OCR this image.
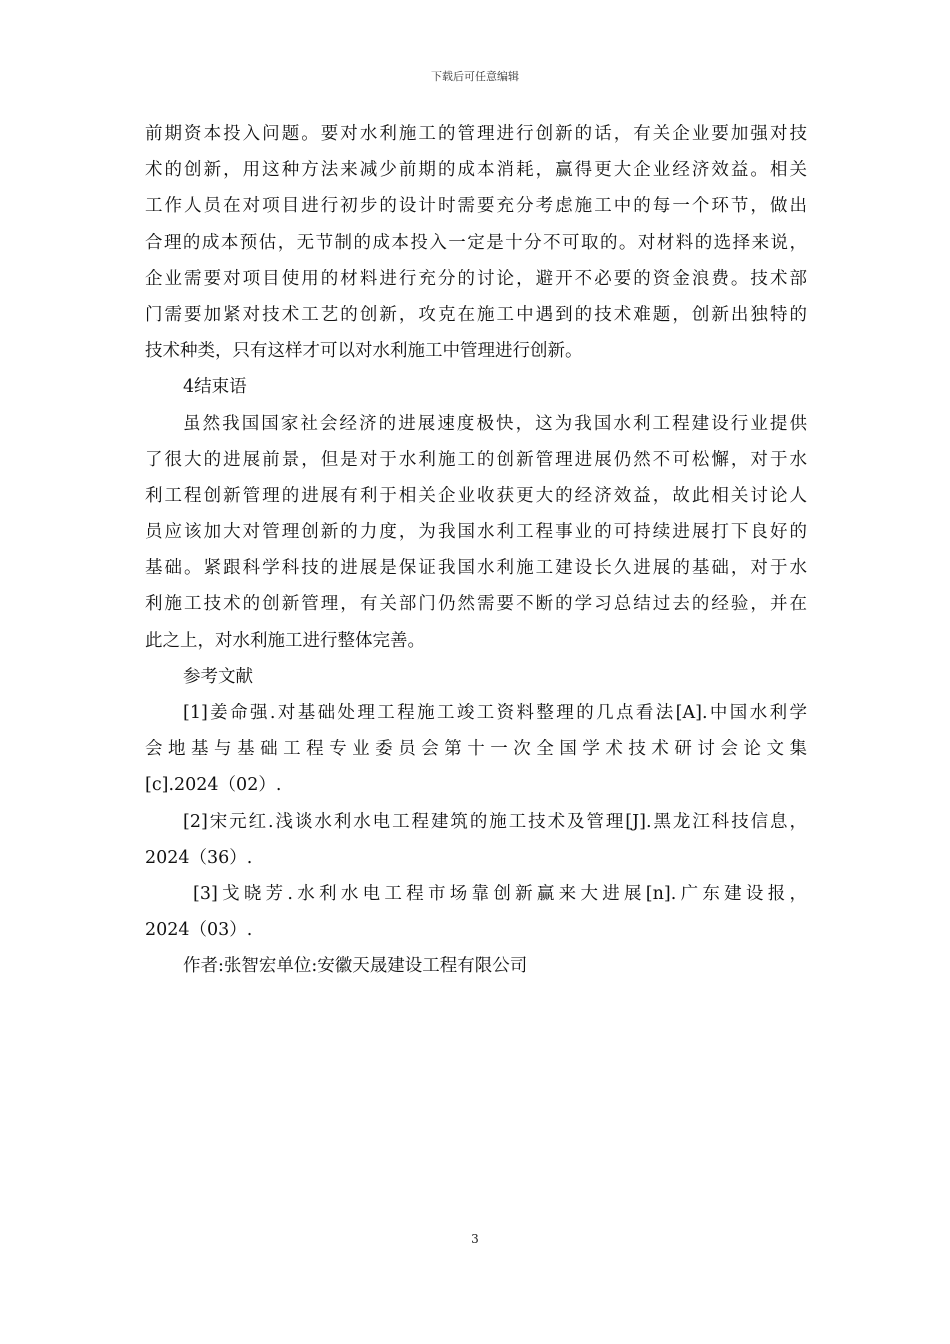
下载后可任意编辑
前期资本投入问题。要对水利施工的管理进行创新的话，有关企业要加强对技
术的创新，用这种方法来减少前期的成本消耗，赢得更大企业经济效益。相关
工作人员在对项目进行初步的设计时需要充分考虑施工中的每一个环节，做出
合理的成本预估，无节制的成本投入一定是十分不可取的。对材料的选择来说，
企业需要对项目使用的材料进行充分的讨论，避开不必要的资金浪费。技术部
门需要加紧对技术工艺的创新，攻克在施工中遇到的技术难题，创新出独特的
技术种类，只有这样才可以对水利施工中管理进行创新。
4结束语
虽然我国国家社会经济的进展速度极快，这为我国水利工程建设行业提供
了很大的进展前景，但是对于水利施工的创新管理进展仍然不可松懈，对于水
利工程创新管理的进展有利于相关企业收获更大的经济效益，故此相关讨论人
员应该加大对管理创新的力度，为我国水利工程事业的可持续进展打下良好的
基础。紧跟科学科技的进展是保证我国水利施工建设长久进展的基础，对于水
利施工技术的创新管理，有关部门仍然需要不断的学习总结过去的经验，并在
此之上，对水利施工进行整体完善。
参考文献
[1]姜命强.对基础处理工程施工竣工资料整理的几点看法[A].中国水利学
会地基与基础工程专业委员会第十一次全国学术技术研讨会论文集
[c].2024（02）.
[2]宋元红.浅谈水利水电工程建筑的施工技术及管理[J].黑龙江科技信息，
2024（36）.
[3]戈晓芳.水利水电工程市场靠创新赢来大进展[n].广东建设报，
2024（03）.
作者:张智宏单位:安徽天晟建设工程有限公司
3
